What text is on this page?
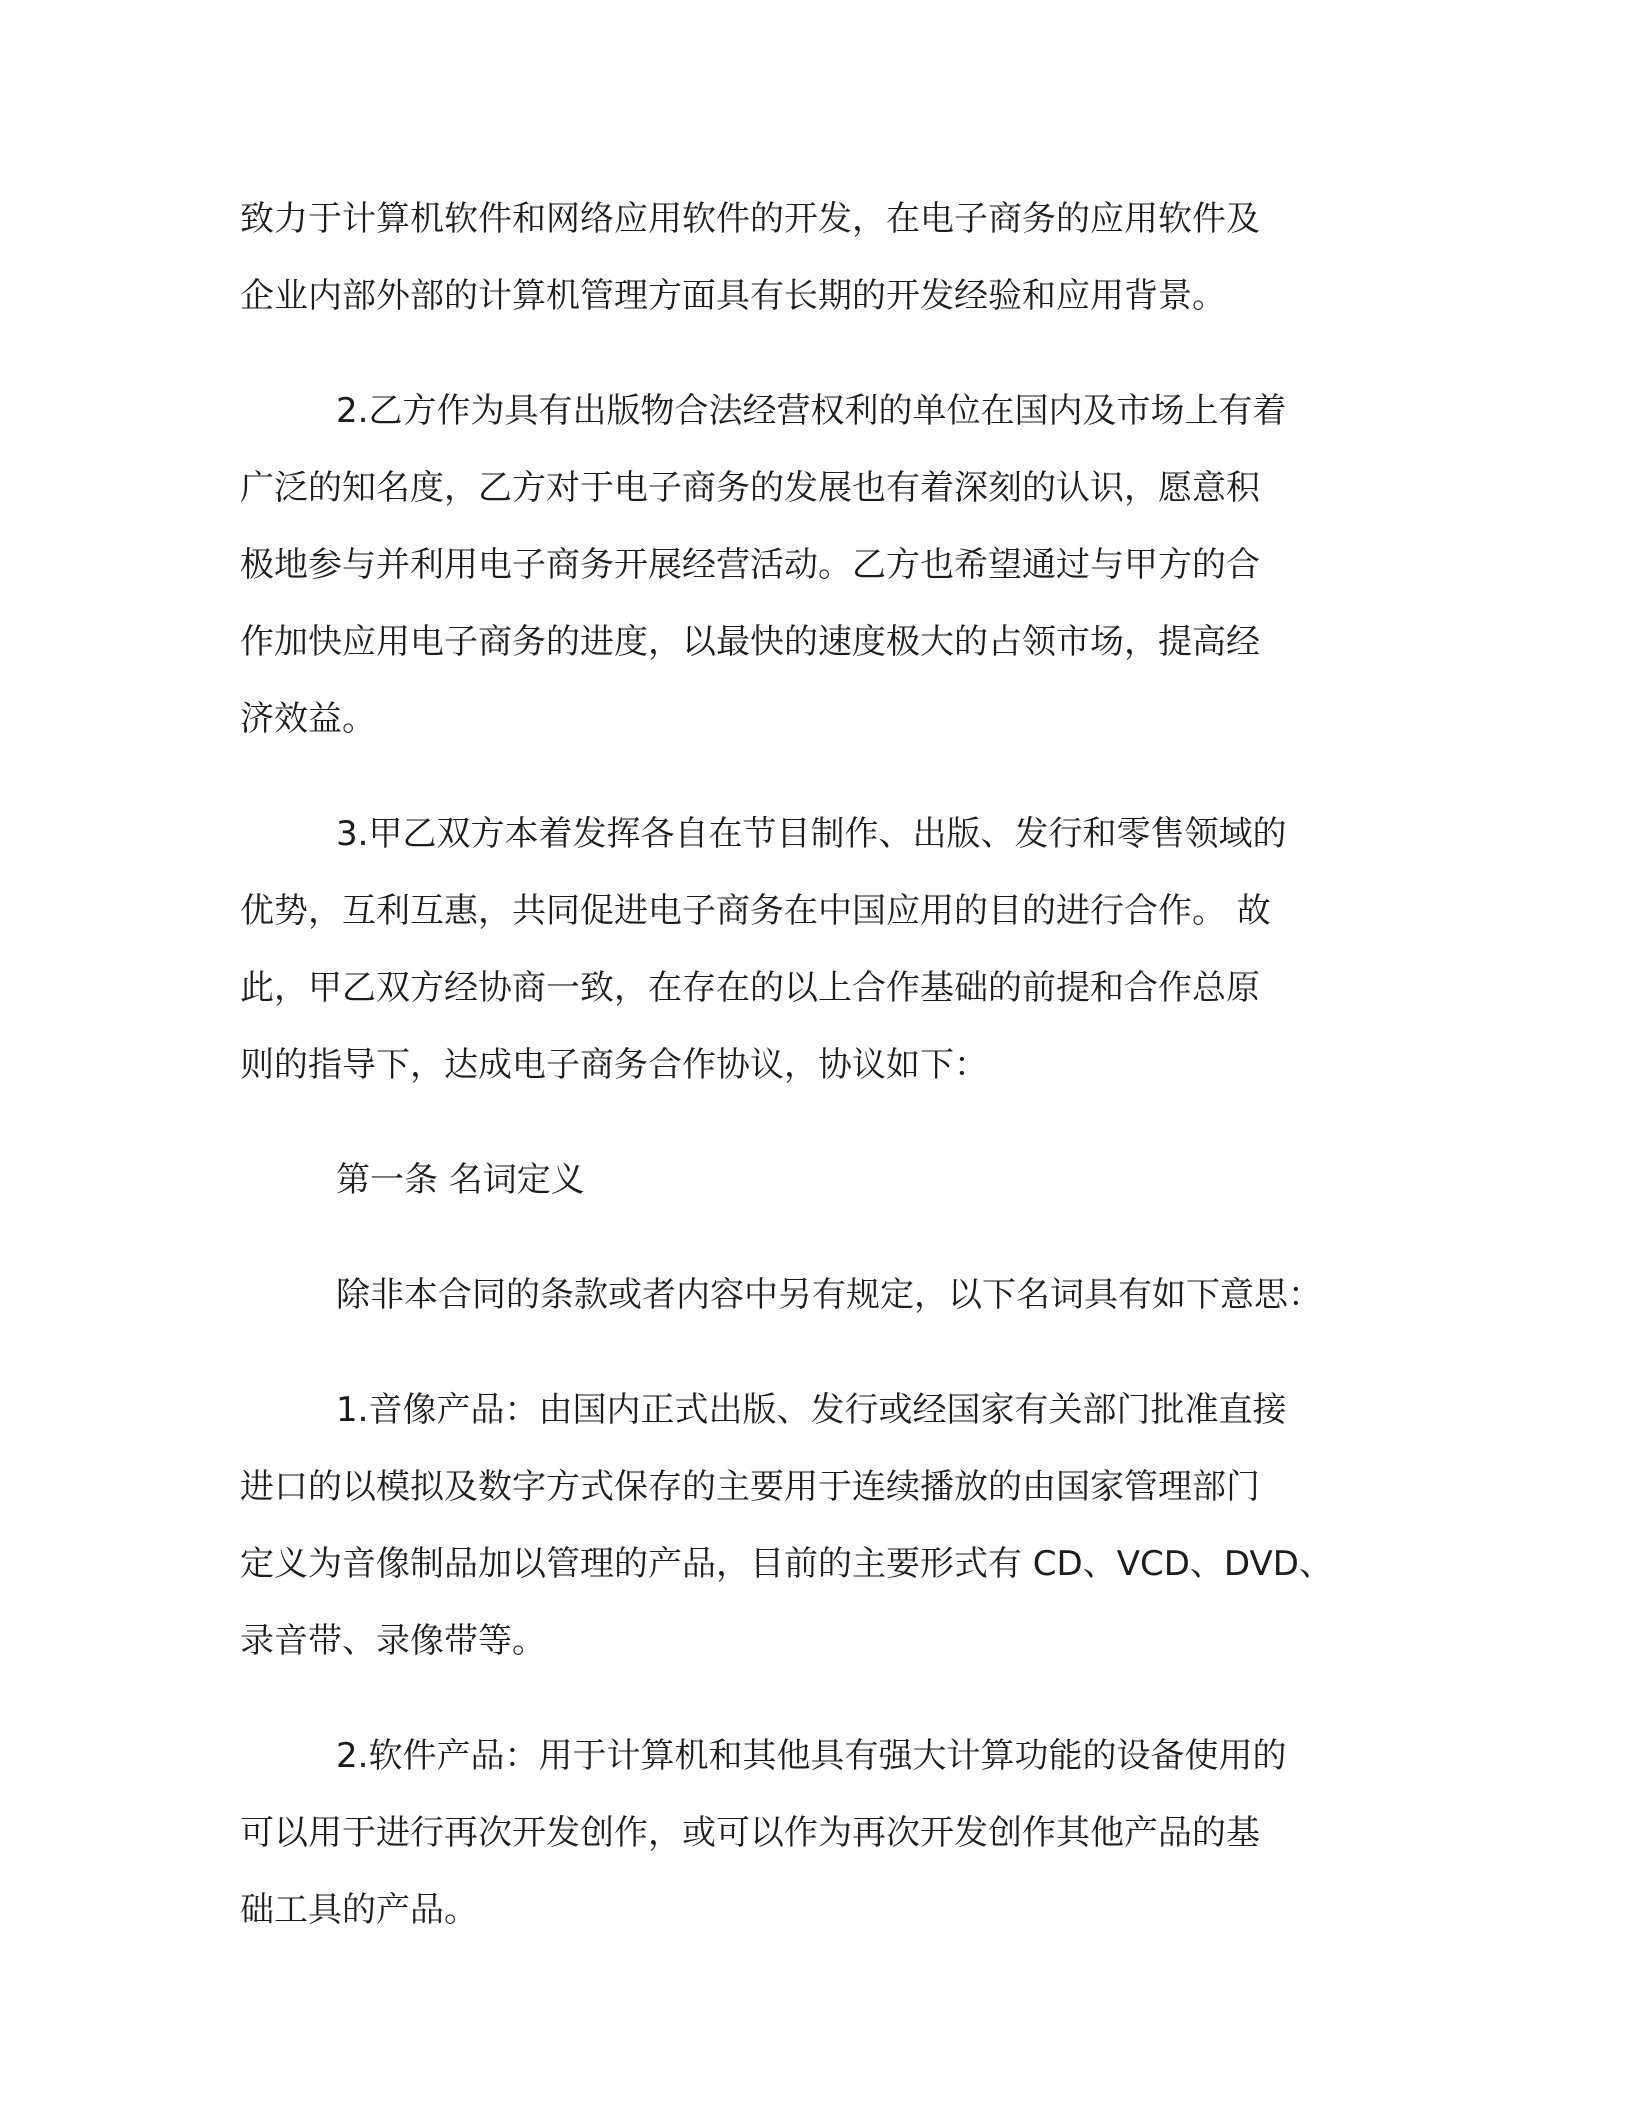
致力于计算机软件和网络应用软件的开发，在电子商务的应用软件及
企业内部外部的计算机管理方面具有长期的开发经验和应用背景。

2.乙方作为具有出版物合法经营权利的单位在国内及市场上有着
广泛的知名度，乙方对于电子商务的发展也有着深刻的认识，愿意积
极地参与并利用电子商务开展经营活动。乙方也希望通过与甲方的合
作加快应用电子商务的进度，以最快的速度极大的占领市场，提高经
济效益。

3.甲乙双方本着发挥各自在节目制作、出版、发行和零售领域的
优势，互利互惠，共同促进电子商务在中国应用的目的进行合作。 故
此，甲乙双方经协商一致，在存在的以上合作基础的前提和合作总原
则的指导下，达成电子商务合作协议，协议如下：

第一条 名词定义

除非本合同的条款或者内容中另有规定，以下名词具有如下意思：

1.音像产品：由国内正式出版、发行或经国家有关部门批准直接
进口的以模拟及数字方式保存的主要用于连续播放的由国家管理部门
定义为音像制品加以管理的产品，目前的主要形式有 CD、VCD、DVD、
录音带、录像带等。

2.软件产品：用于计算机和其他具有强大计算功能的设备使用的
可以用于进行再次开发创作，或可以作为再次开发创作其他产品的基
础工具的产品。
